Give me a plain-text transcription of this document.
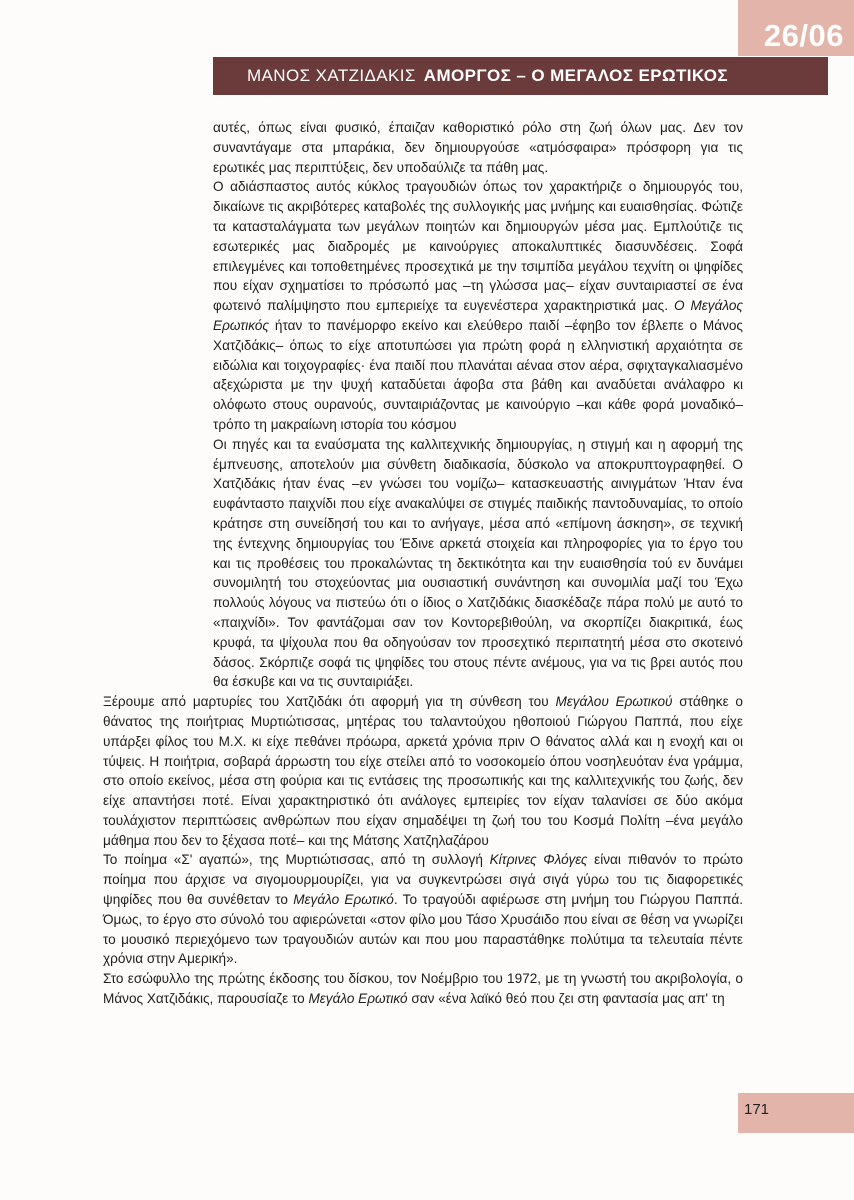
26/06
ΜΑΝΟΣ ΧΑΤΖΙΔΑΚΙΣ ΑΜΟΡΓΟΣ – Ο ΜΕΓΑΛΟΣ ΕΡΩΤΙΚΟΣ

αυτές, όπως είναι φυσικό, έπαιζαν καθοριστικό ρόλο στη ζωή όλων μας. Δεν τον συναντάγαμε στα μπαράκια, δεν δημιουργούσε «ατμόσφαιρα» πρόσφορη για τις ερωτικές μας περιπτύξεις, δεν υποδαύλιζε τα πάθη μας.

Ο αδιάσπαστος αυτός κύκλος τραγουδιών όπως τον χαρακτήριζε ο δημιουργός του, δικαίωνε τις ακριβότερες καταβολές της συλλογικής μας μνήμης και ευαισθησίας. Φώτιζε τα κατασταλάγματα των μεγάλων ποιητών και δημιουργών μέσα μας. Εμπλούτιζε τις εσωτερικές μας διαδρομές με καινούργιες αποκαλυπτικές διασυνδέσεις. Σοφά επιλεγμένες και τοποθετημένες προσεχτικά με την τσιμπίδα μεγάλου τεχνίτη οι ψηφίδες που είχαν σχηματίσει το πρόσωπό μας –τη γλώσσα μας– είχαν συνταιριαστεί σε ένα φωτεινό παλίμψηστο που εμπεριείχε τα ευγενέστερα χαρακτηριστικά μας. Ο Μεγάλος Ερωτικός ήταν το πανέμορφο εκείνο και ελεύθερο παιδί –έφηβο τον έβλεπε ο Μάνος Χατζιδάκις– όπως το είχε αποτυπώσει για πρώτη φορά η ελληνιστική αρχαιότητα σε ειδώλια και τοιχογραφίες· ένα παιδί που πλανάται αέναα στον αέρα, σφιχταγκαλιασμένο αξεχώριστα με την ψυχή καταδύεται άφοβα στα βάθη και αναδύεται ανάλαφρο κι ολόφωτο στους ουρανούς, συνταιριάζοντας με καινούργιο –και κάθε φορά μοναδικό– τρόπο τη μακραίωνη ιστορία του κόσμου

Οι πηγές και τα εναύσματα της καλλιτεχνικής δημιουργίας, η στιγμή και η αφορμή της έμπνευσης, αποτελούν μια σύνθετη διαδικασία, δύσκολο να αποκρυπτογραφηθεί. Ο Χατζιδάκις ήταν ένας –εν γνώσει του νομίζω– κατασκευαστής αινιγμάτων Ήταν ένα ευφάνταστο παιχνίδι που είχε ανακαλύψει σε στιγμές παιδικής παντοδυναμίας, το οποίο κράτησε στη συνείδησή του και το ανήγαγε, μέσα από «επίμονη άσκηση», σε τεχνική της έντεχνης δημιουργίας του Έδινε αρκετά στοιχεία και πληροφορίες για το έργο του και τις προθέσεις του προκαλώντας τη δεκτικότητα και την ευαισθησία τού εν δυνάμει συνομιλητή του στοχεύοντας μια ουσιαστική συνάντηση και συνομιλία μαζί του Έχω πολλούς λόγους να πιστεύω ότι ο ίδιος ο Χατζιδάκις διασκέδαζε πάρα πολύ με αυτό το «παιχνίδι». Τον φαντάζομαι σαν τον Κοντορεβιθούλη, να σκορπίζει διακριτικά, έως κρυφά, τα ψίχουλα που θα οδηγούσαν τον προσεχτικό περιπατητή μέσα στο σκοτεινό δάσος. Σκόρπιζε σοφά τις ψηφίδες του στους πέντε ανέμους, για να τις βρει αυτός που θα έσκυβε και να τις συνταιριάξει.

Ξέρουμε από μαρτυρίες του Χατζιδάκι ότι αφορμή για τη σύνθεση του Μεγάλου Ερωτικού στάθηκε ο θάνατος της ποιήτριας Μυρτιώτισσας, μητέρας του ταλαντούχου ηθοποιού Γιώργου Παππά, που είχε υπάρξει φίλος του Μ.Χ. κι είχε πεθάνει πρόωρα, αρκετά χρόνια πριν Ο θάνατος αλλά και η ενοχή και οι τύψεις. Η ποιήτρια, σοβαρά άρρωστη του είχε στείλει από το νοσοκομείο όπου νοσηλευόταν ένα γράμμα, στο οποίο εκείνος, μέσα στη φούρια και τις εντάσεις της προσωπικής και της καλλιτεχνικής του ζωής, δεν είχε απαντήσει ποτέ. Είναι χαρακτηριστικό ότι ανάλογες εμπειρίες τον είχαν ταλανίσει σε δύο ακόμα τουλάχιστον περιπτώσεις ανθρώπων που είχαν σημαδέψει τη ζωή του του Κοσμά Πολίτη –ένα μεγάλο μάθημα που δεν το ξέχασα ποτέ– και της Μάτσης Χατζηλαζάρου

Το ποίημα «Σ' αγαπώ», της Μυρτιώτισσας, από τη συλλογή Κίτρινες Φλόγες είναι πιθανόν το πρώτο ποίημα που άρχισε να σιγομουρμουρίζει, για να συγκεντρώσει σιγά σιγά γύρω του τις διαφορετικές ψηφίδες που θα συνέθεταν το Μεγάλο Ερωτικό. Το τραγούδι αφιέρωσε στη μνήμη του Γιώργου Παππά. Όμως, το έργο στο σύνολό του αφιερώνεται «στον φίλο μου Τάσο Χρυσάιδο που είναι σε θέση να γνωρίζει το μουσικό περιεχόμενο των τραγουδιών αυτών και που μου παραστάθηκε πολύτιμα τα τελευταία πέντε χρόνια στην Αμερική».

Στο εσώφυλλο της πρώτης έκδοσης του δίσκου, τον Νοέμβριο του 1972, με τη γνωστή του ακριβολογία, ο Μάνος Χατζιδάκις, παρουσίαζε το Μεγάλο Ερωτικό σαν «ένα λαϊκό θεό που ζει στη φαντασία μας απ' τη

171
